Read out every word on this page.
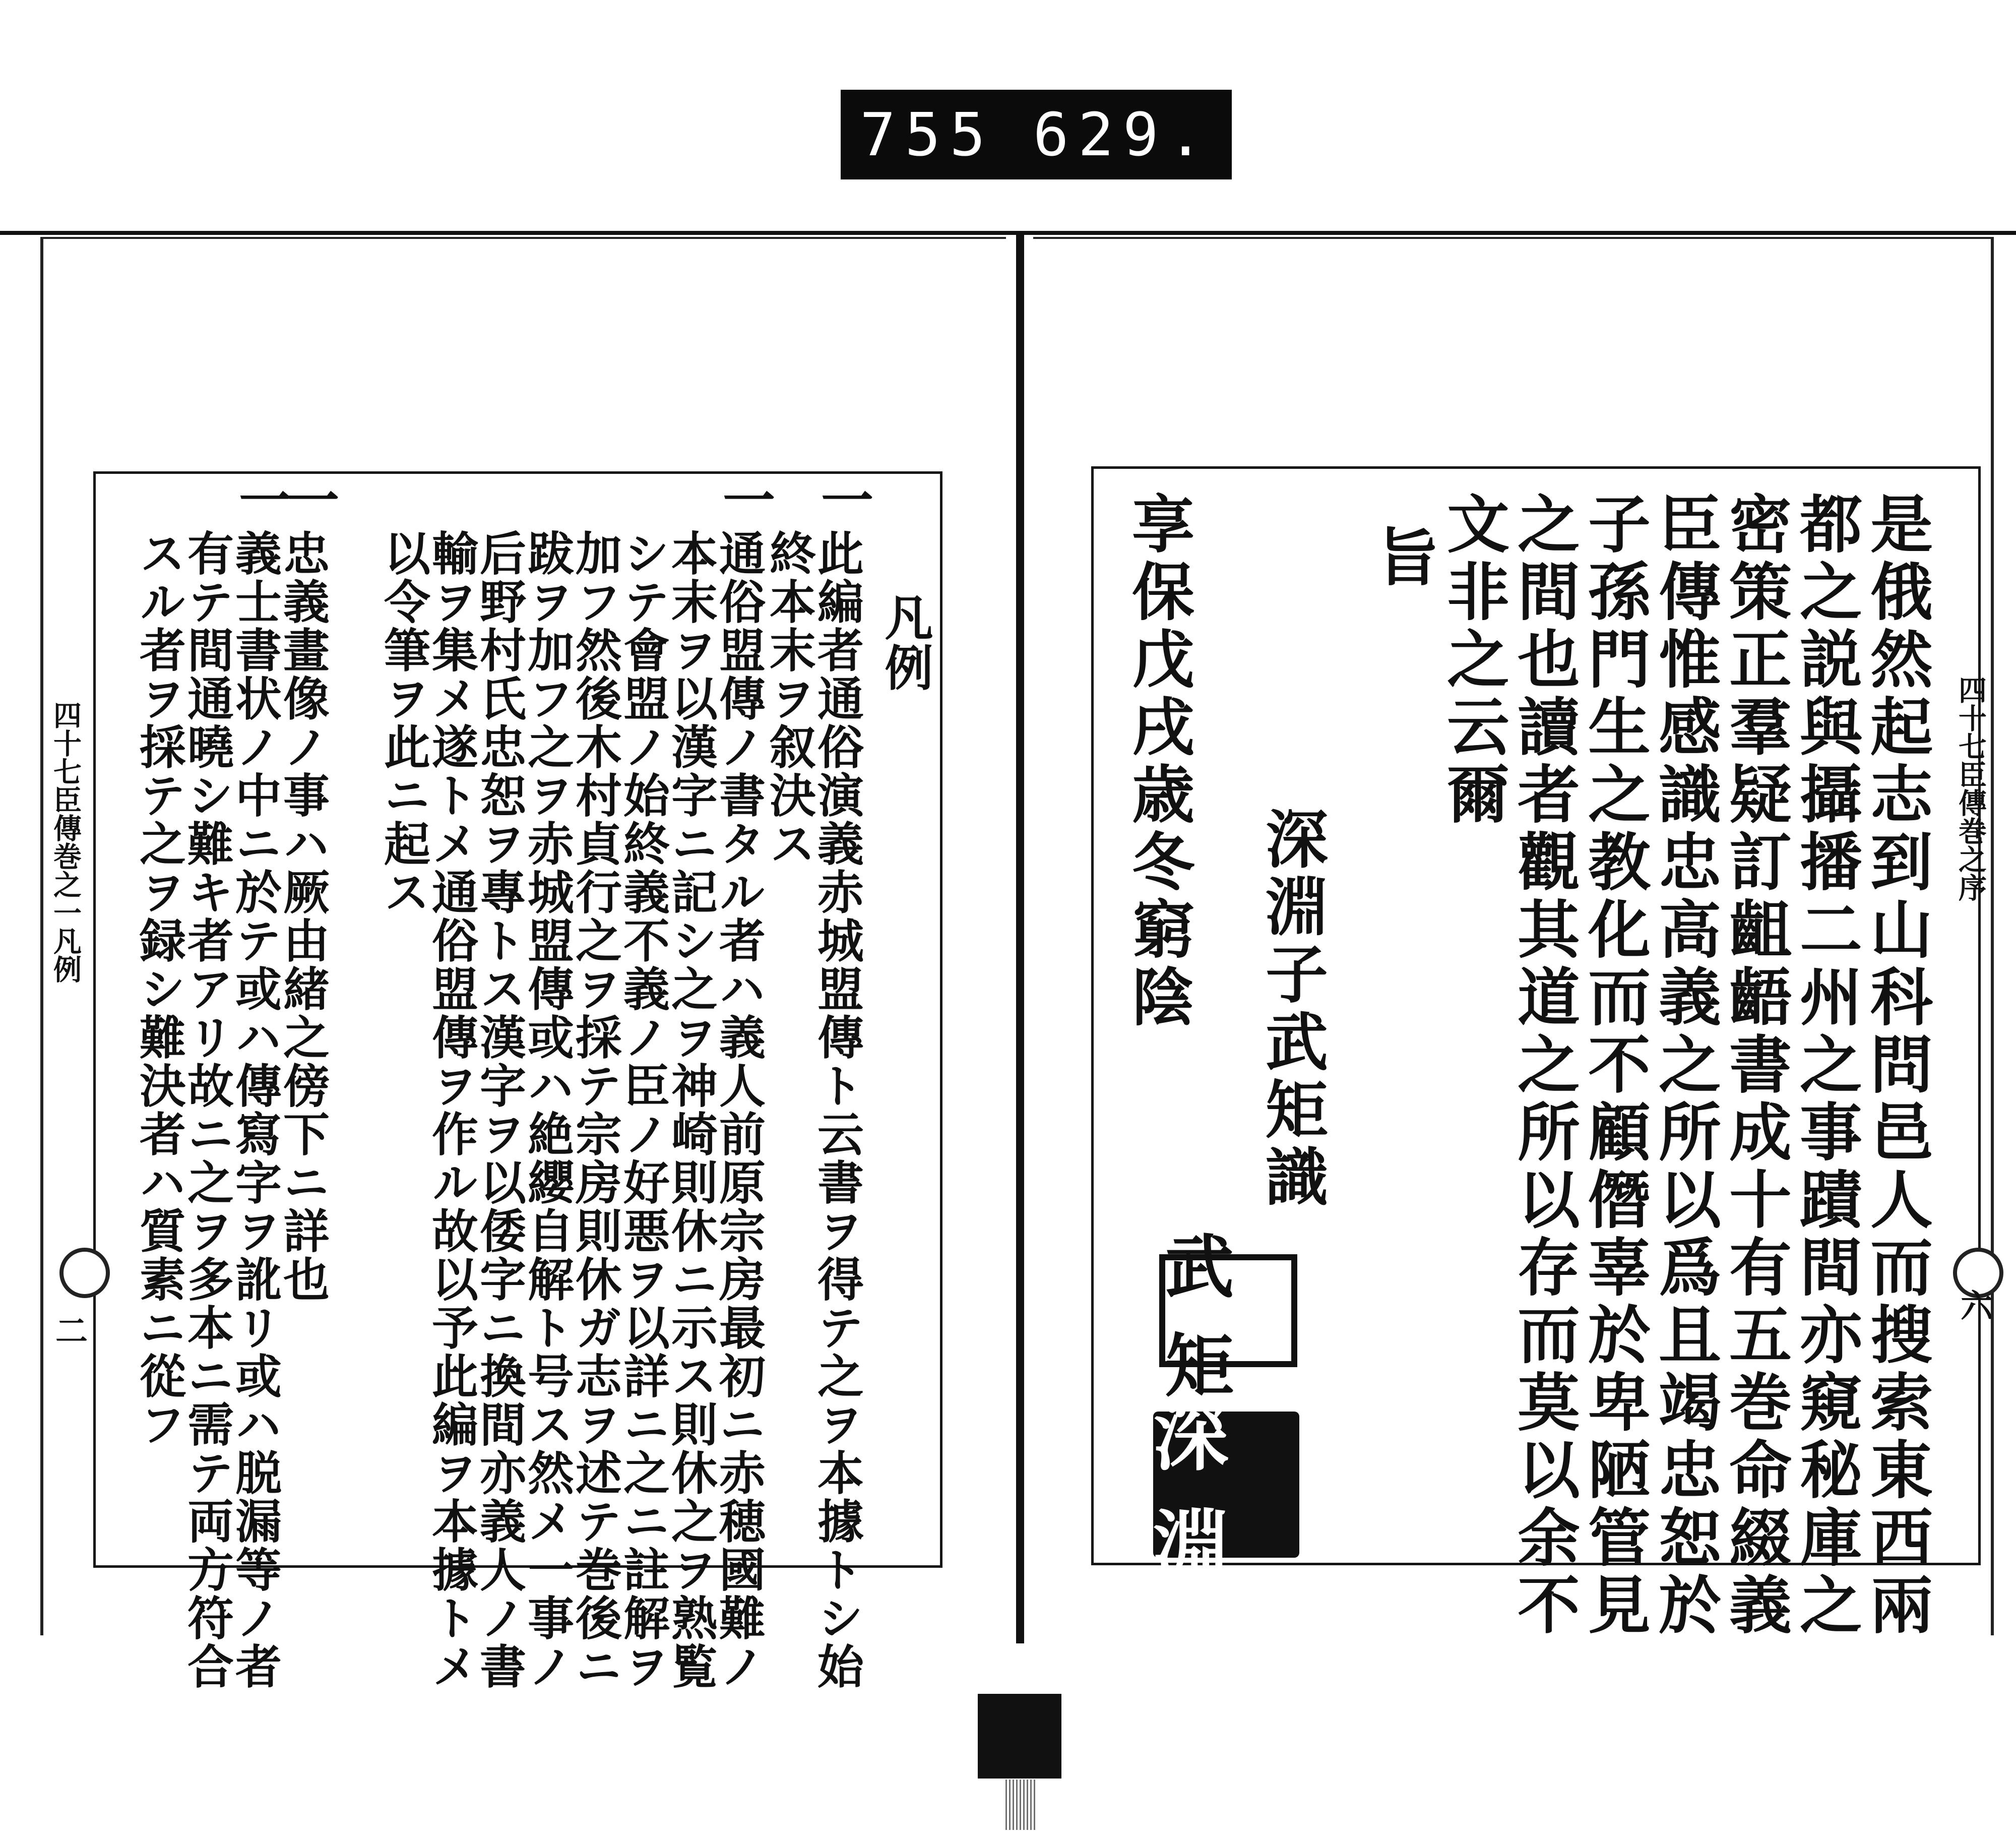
755 629.
四十七臣傳巻之一凡例
二
四十七臣傳巻之序
六
凡例
一
此編者通俗演義赤城盟傳ト云書ヲ得テ之ヲ本據トシ始
終本末ヲ叙決ス
一
通俗盟傳ノ書タル者ハ義人前原宗房最初ニ赤穂國難ノ
本末ヲ以漢字ニ記シ之ヲ神崎則休ニ示ス則休之ヲ熟覧
シテ會盟ノ始終義不義ノ臣ノ好悪ヲ以詳ニ之ニ註解ヲ
加フ然後木村貞行之ヲ採テ宗房則休ガ志ヲ述テ巻後ニ
跋ヲ加フ之ヲ赤城盟傳或ハ絶纓自解ト号ス然メ一事ノ
后野村氏忠恕ヲ專トス漢字ヲ以倭字ニ換間亦義人ノ書
輸ヲ集メ遂トメ通俗盟傳ヲ作ル故以予此編ヲ本據トメ
以令筆ヲ此ニ起ス
一
忠義畫像ノ事ハ厥由緒之傍下ニ詳也
一
義士書状ノ中ニ於テ或ハ傳寫字ヲ訛リ或ハ脱漏等ノ者
有テ間通曉シ難キ者アリ故ニ之ヲ多本ニ需テ両方符合
スル者ヲ採テ之ヲ録シ難決者ハ質素ニ從フ	是俄然起志到山科問邑人而搜索東西兩
都之説與攝播二州之事蹟間亦窺秘庫之
密策正羣疑訂齟齬書成十有五巻命綴義
臣傳惟感識忠高義之所以爲且竭忠恕於
子孫門生之教化而不顧僭辜於卑陋管見
之間也讀者觀其道之所以存而莫以余不
文非之云爾
旨
深淵子武矩識
享保戊戌歳冬窮陰
武矩
深淵
